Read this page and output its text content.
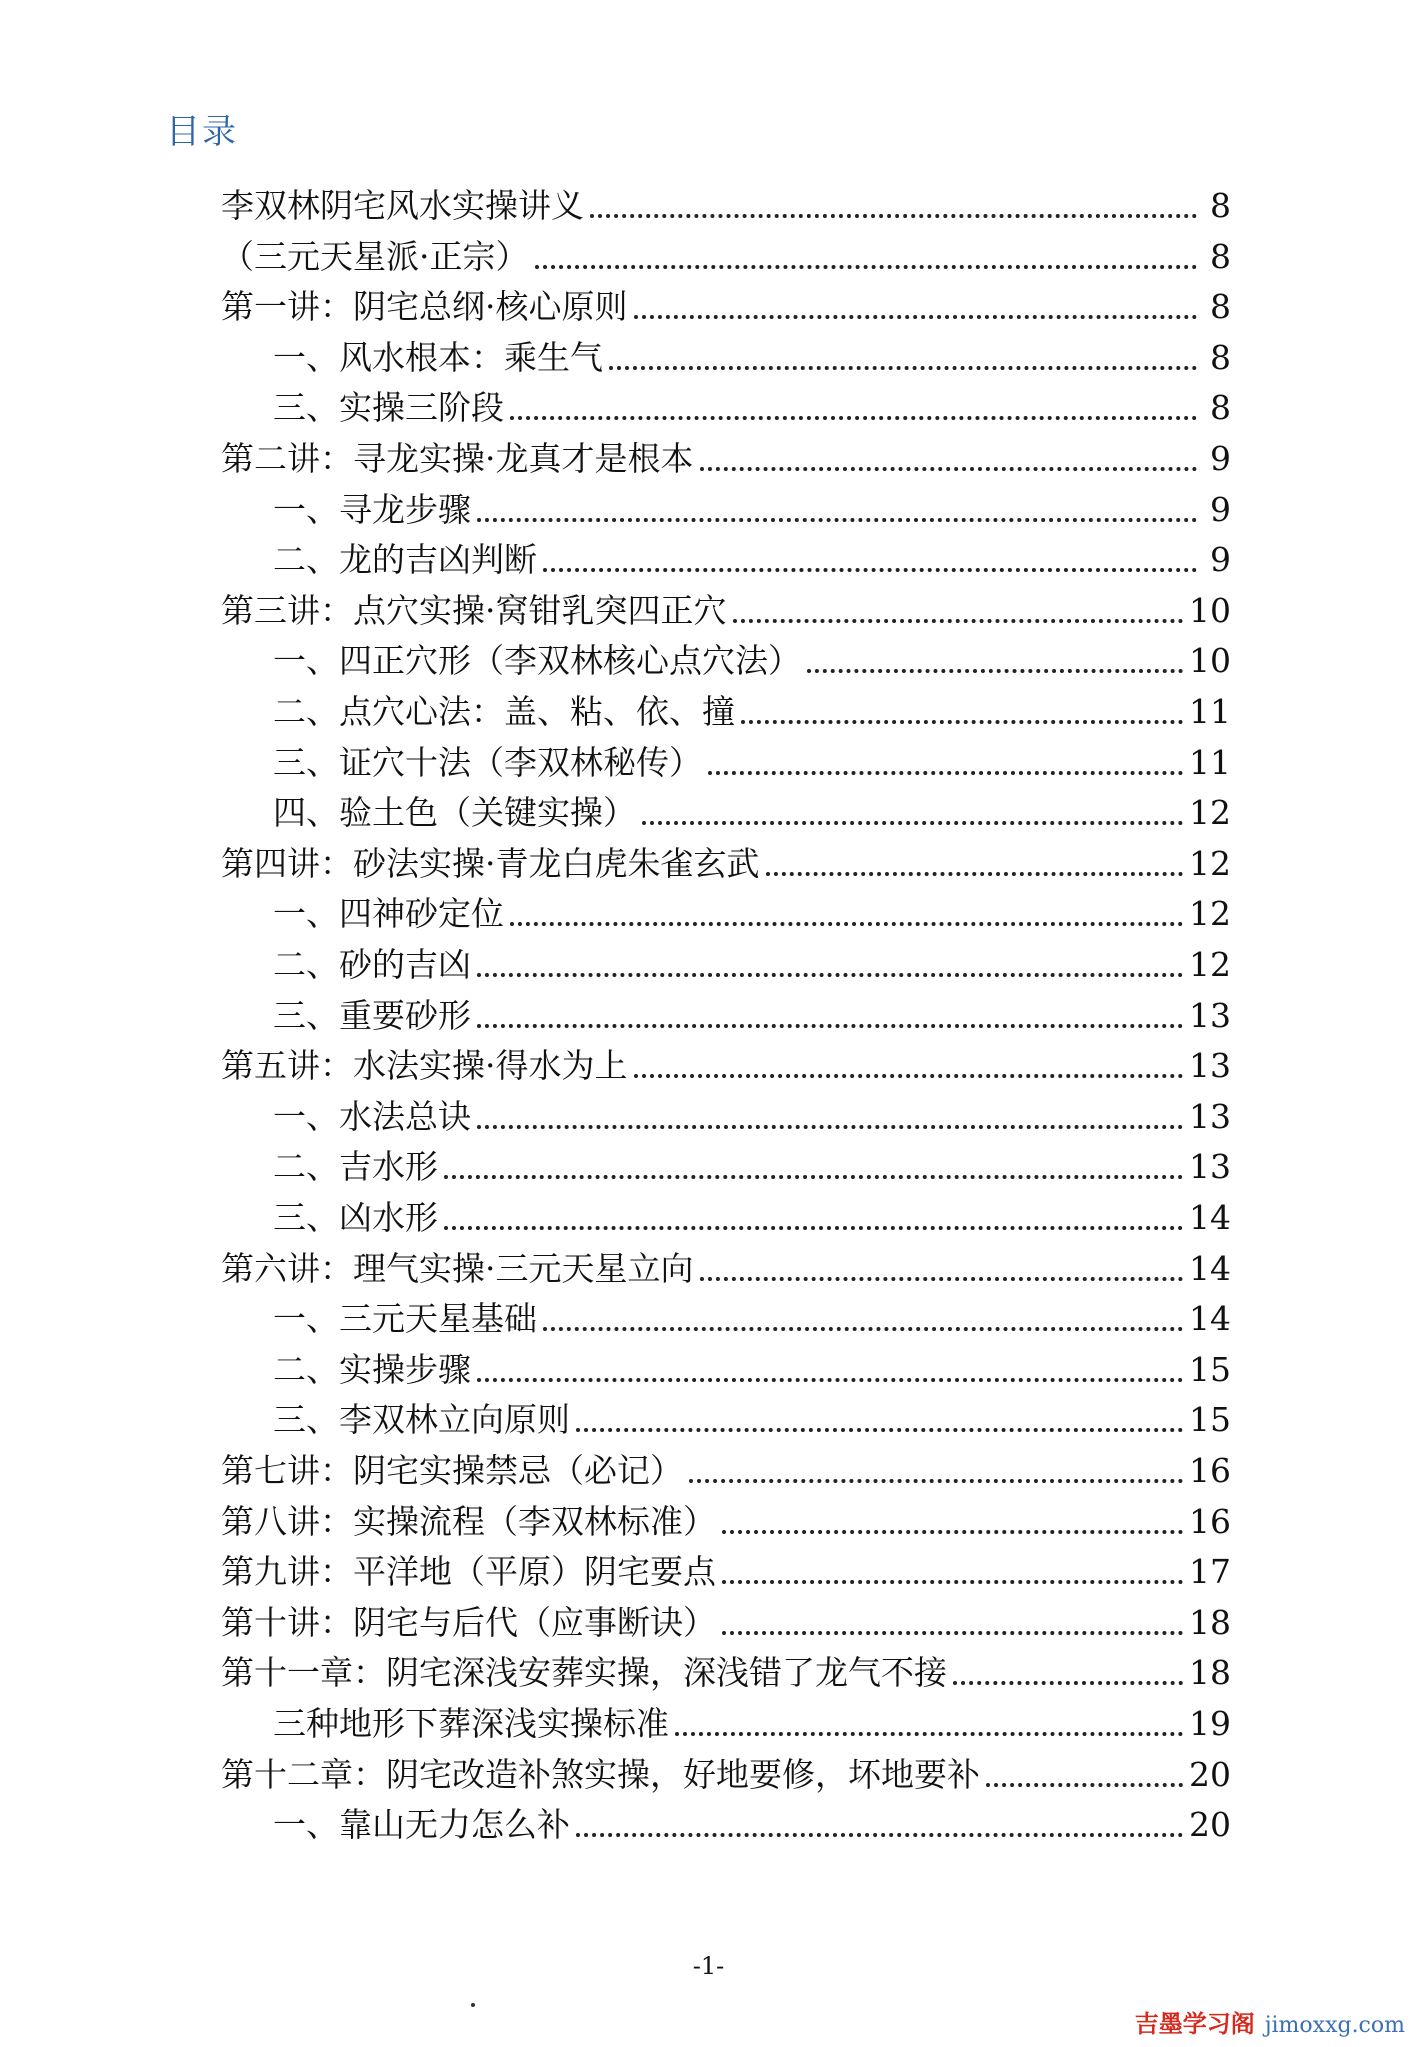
目录
李双林阴宅风水实操讲义	8
（三元天星派·正宗）	8
第一讲：阴宅总纲·核心原则	8
一、风水根本：乘生气	8
三、实操三阶段	8
第二讲：寻龙实操·龙真才是根本	9
一、寻龙步骤	9
二、龙的吉凶判断	9
第三讲：点穴实操·窝钳乳突四正穴	10
一、四正穴形（李双林核心点穴法）	10
二、点穴心法：盖、粘、依、撞	11
三、证穴十法（李双林秘传）	11
四、验土色（关键实操）	12
第四讲：砂法实操·青龙白虎朱雀玄武	12
一、四神砂定位	12
二、砂的吉凶	12
三、重要砂形	13
第五讲：水法实操·得水为上	13
一、水法总诀	13
二、吉水形	13
三、凶水形	14
第六讲：理气实操·三元天星立向	14
一、三元天星基础	14
二、实操步骤	15
三、李双林立向原则	15
第七讲：阴宅实操禁忌（必记）	16
第八讲：实操流程（李双林标准）	16
第九讲：平洋地（平原）阴宅要点	17
第十讲：阴宅与后代（应事断诀）	18
第十一章：阴宅深浅安葬实操，深浅错了龙气不接	18
三种地形下葬深浅实操标准	19
第十二章：阴宅改造补煞实操，好地要修，坏地要补	20
一、靠山无力怎么补	20
-1-
吉墨学习阁 jimoxxg.com
